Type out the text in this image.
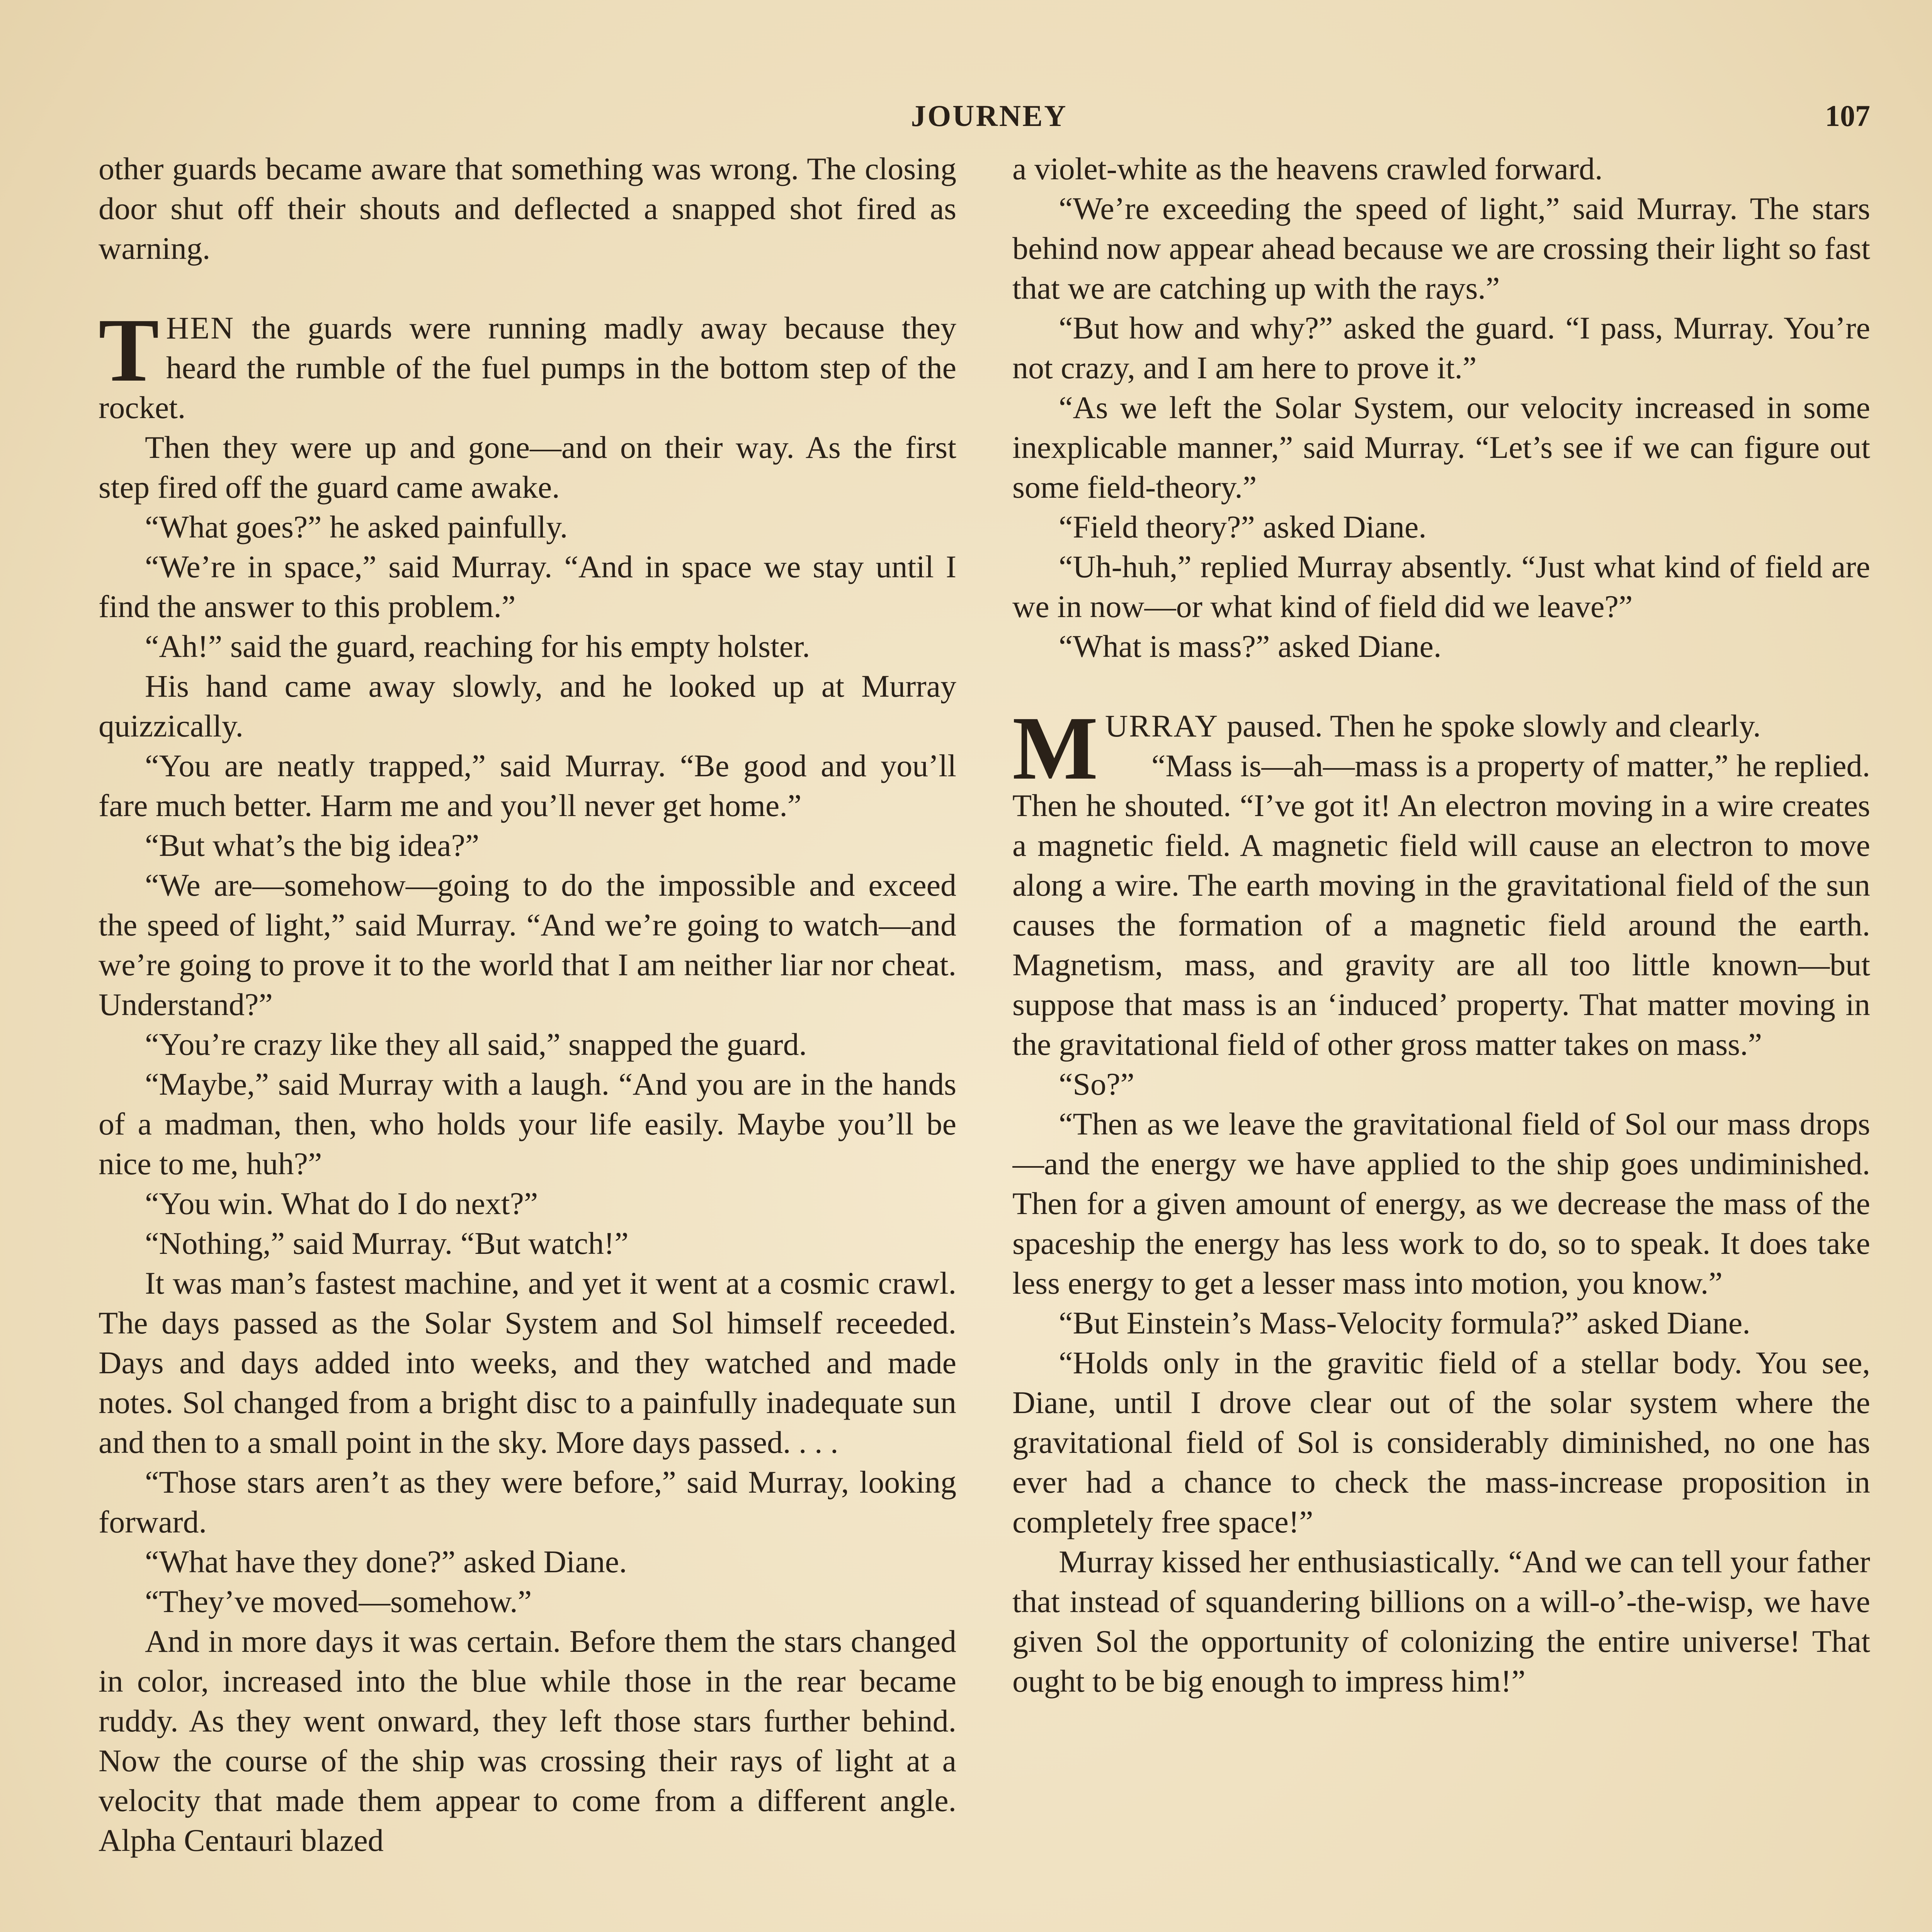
JOURNEY	107

other guards became aware that something was wrong. The closing door shut off their shouts and deflected a snapped shot fired as warning.

THEN the guards were running madly away because they heard the rumble of the fuel pumps in the bottom step of the rocket.

Then they were up and gone—and on their way. As the first step fired off the guard came awake.

“What goes?” he asked painfully.

“We’re in space,” said Murray. “And in space we stay until I find the answer to this problem.”

“Ah!” said the guard, reaching for his empty holster.

His hand came away slowly, and he looked up at Murray quizzically.

“You are neatly trapped,” said Murray. “Be good and you’ll fare much better. Harm me and you’ll never get home.”

“But what’s the big idea?”

“We are—somehow—going to do the impossible and exceed the speed of light,” said Murray. “And we’re going to watch—and we’re going to prove it to the world that I am neither liar nor cheat. Understand?”

“You’re crazy like they all said,” snapped the guard.

“Maybe,” said Murray with a laugh. “And you are in the hands of a madman, then, who holds your life easily. Maybe you’ll be nice to me, huh?”

“You win. What do I do next?”

“Nothing,” said Murray. “But watch!”

It was man’s fastest machine, and yet it went at a cosmic crawl. The days passed as the Solar System and Sol himself receeded. Days and days added into weeks, and they watched and made notes. Sol changed from a bright disc to a painfully inadequate sun and then to a small point in the sky. More days passed. . . .

“Those stars aren’t as they were before,” said Murray, looking forward.

“What have they done?” asked Diane.

“They’ve moved—somehow.”

And in more days it was certain. Before them the stars changed in color, increased into the blue while those in the rear became ruddy. As they went onward, they left those stars further behind. Now the course of the ship was crossing their rays of light at a velocity that made them appear to come from a different angle. Alpha Centauri blazed

a violet-white as the heavens crawled forward.

“We’re exceeding the speed of light,” said Murray. The stars behind now appear ahead because we are crossing their light so fast that we are catching up with the rays.”

“But how and why?” asked the guard. “I pass, Murray. You’re not crazy, and I am here to prove it.”

“As we left the Solar System, our velocity increased in some inexplicable manner,” said Murray. “Let’s see if we can figure out some field-theory.”

“Field theory?” asked Diane.

“Uh-huh,” replied Murray absently. “Just what kind of field are we in now—or what kind of field did we leave?”

“What is mass?” asked Diane.

MURRAY paused. Then he spoke slowly and clearly.

“Mass is—ah—mass is a property of matter,” he replied. Then he shouted. “I’ve got it! An electron moving in a wire creates a magnetic field. A magnetic field will cause an electron to move along a wire. The earth moving in the gravitational field of the sun causes the formation of a magnetic field around the earth. Magnetism, mass, and gravity are all too little known—but suppose that mass is an ‘induced’ property. That matter moving in the gravitational field of other gross matter takes on mass.”

“So?”

“Then as we leave the gravitational field of Sol our mass drops—and the energy we have applied to the ship goes undiminished. Then for a given amount of energy, as we decrease the mass of the spaceship the energy has less work to do, so to speak. It does take less energy to get a lesser mass into motion, you know.”

“But Einstein’s Mass-Velocity formula?” asked Diane.

“Holds only in the gravitic field of a stellar body. You see, Diane, until I drove clear out of the solar system where the gravitational field of Sol is considerably diminished, no one has ever had a chance to check the mass-increase proposition in completely free space!”

Murray kissed her enthusiastically. “And we can tell your father that instead of squandering billions on a will-o’-the-wisp, we have given Sol the opportunity of colonizing the entire universe! That ought to be big enough to impress him!”
